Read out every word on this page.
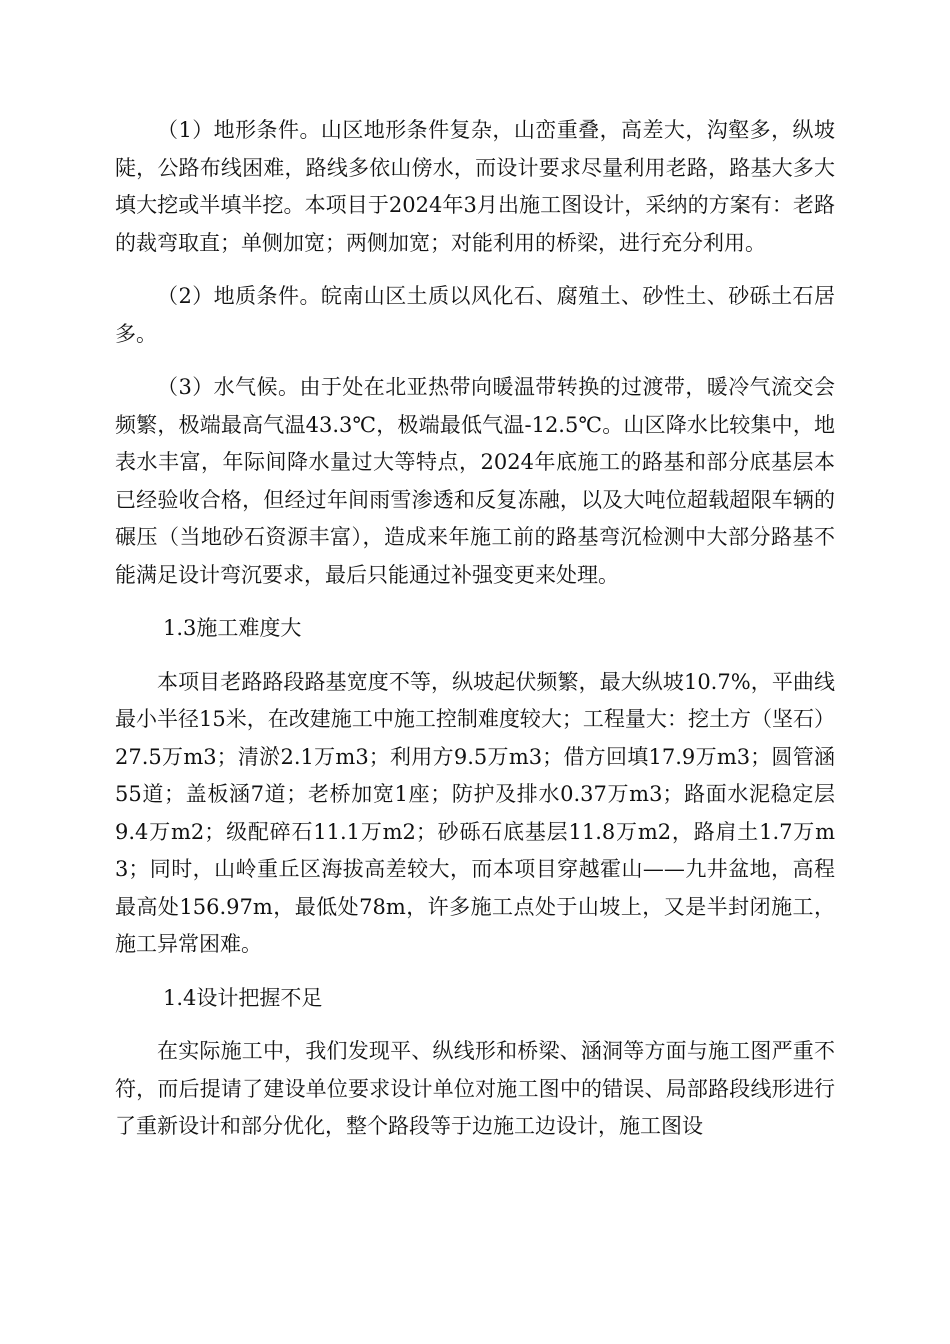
（1）地形条件。山区地形条件复杂，山峦重叠，高差大，沟壑多，纵坡陡，公路布线困难，路线多依山傍水，而设计要求尽量利用老路，路基大多大填大挖或半填半挖。本项目于2024年3月出施工图设计，采纳的方案有：老路的裁弯取直；单侧加宽；两侧加宽；对能利用的桥梁，进行充分利用。

（2）地质条件。皖南山区土质以风化石、腐殖土、砂性土、砂砾土石居多。

（3）水气候。由于处在北亚热带向暖温带转换的过渡带，暖冷气流交会频繁，极端最高气温43.3℃，极端最低气温-12.5℃。山区降水比较集中，地表水丰富，年际间降水量过大等特点，2024年底施工的路基和部分底基层本已经验收合格，但经过年间雨雪渗透和反复冻融，以及大吨位超载超限车辆的碾压（当地砂石资源丰富），造成来年施工前的路基弯沉检测中大部分路基不能满足设计弯沉要求，最后只能通过补强变更来处理。

1.3施工难度大

本项目老路路段路基宽度不等，纵坡起伏频繁，最大纵坡10.7%，平曲线最小半径15米，在改建施工中施工控制难度较大；工程量大：挖土方（坚石）27.5万m3；清淤2.1万m3；利用方9.5万m3；借方回填17.9万m3；圆管涵55道；盖板涵7道；老桥加宽1座；防护及排水0.37万m3；路面水泥稳定层9.4万m2；级配碎石11.1万m2；砂砾石底基层11.8万m2，路肩土1.7万m3；同时，山岭重丘区海拔高差较大，而本项目穿越霍山——九井盆地，高程最高处156.97m，最低处78m，许多施工点处于山坡上，又是半封闭施工，施工异常困难。

1.4设计把握不足

在实际施工中，我们发现平、纵线形和桥梁、涵洞等方面与施工图严重不符，而后提请了建设单位要求设计单位对施工图中的错误、局部路段线形进行了重新设计和部分优化，整个路段等于边施工边设计，施工图设
